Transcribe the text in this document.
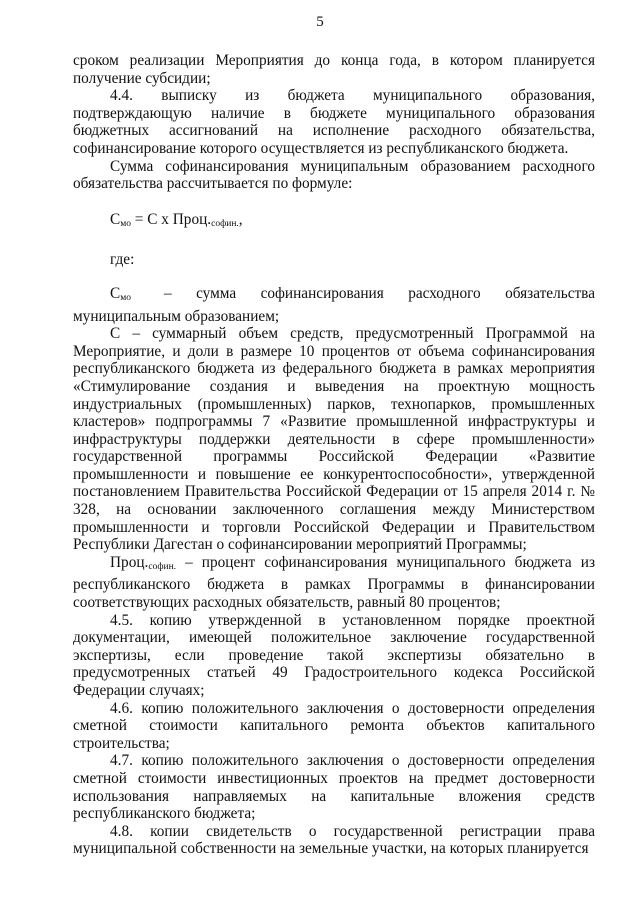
5

сроком реализации Мероприятия до конца года, в котором планируется получение субсидии;

4.4. выписку из бюджета муниципального образования, подтверждающую наличие в бюджете муниципального образования бюджетных ассигнований на исполнение расходного обязательства, софинансирование которого осуществляется из республиканского бюджета.

Сумма софинансирования муниципальным образованием расходного обязательства рассчитывается по формуле:

$С_{мо} = С$ х $Проц._{софин.}$,

где:

$С_{мо}$ – сумма софинансирования расходного обязательства муниципальным образованием;

С – суммарный объем средств, предусмотренный Программой на Мероприятие, и доли в размере 10 процентов от объема софинансирования республиканского бюджета из федерального бюджета в рамках мероприятия «Стимулирование создания и выведения на проектную мощность индустриальных (промышленных) парков, технопарков, промышленных кластеров» подпрограммы 7 «Развитие промышленной инфраструктуры и инфраструктуры поддержки деятельности в сфере промышленности» государственной программы Российской Федерации «Развитие промышленности и повышение ее конкурентоспособности», утвержденной постановлением Правительства Российской Федерации от 15 апреля 2014 г. № 328, на основании заключенного соглашения между Министерством промышленности и торговли Российской Федерации и Правительством Республики Дагестан о софинансировании мероприятий Программы;

$Проц._{софин.}$ – процент софинансирования муниципального бюджета из республиканского бюджета в рамках Программы в финансировании соответствующих расходных обязательств, равный 80 процентов;

4.5. копию утвержденной в установленном порядке проектной документации, имеющей положительное заключение государственной экспертизы, если проведение такой экспертизы обязательно в предусмотренных статьей 49 Градостроительного кодекса Российской Федерации случаях;

4.6. копию положительного заключения о достоверности определения сметной стоимости капитального ремонта объектов капитального строительства;

4.7. копию положительного заключения о достоверности определения сметной стоимости инвестиционных проектов на предмет достоверности использования направляемых на капитальные вложения средств республиканского бюджета;

4.8. копии свидетельств о государственной регистрации права муниципальной собственности на земельные участки, на которых планируется
